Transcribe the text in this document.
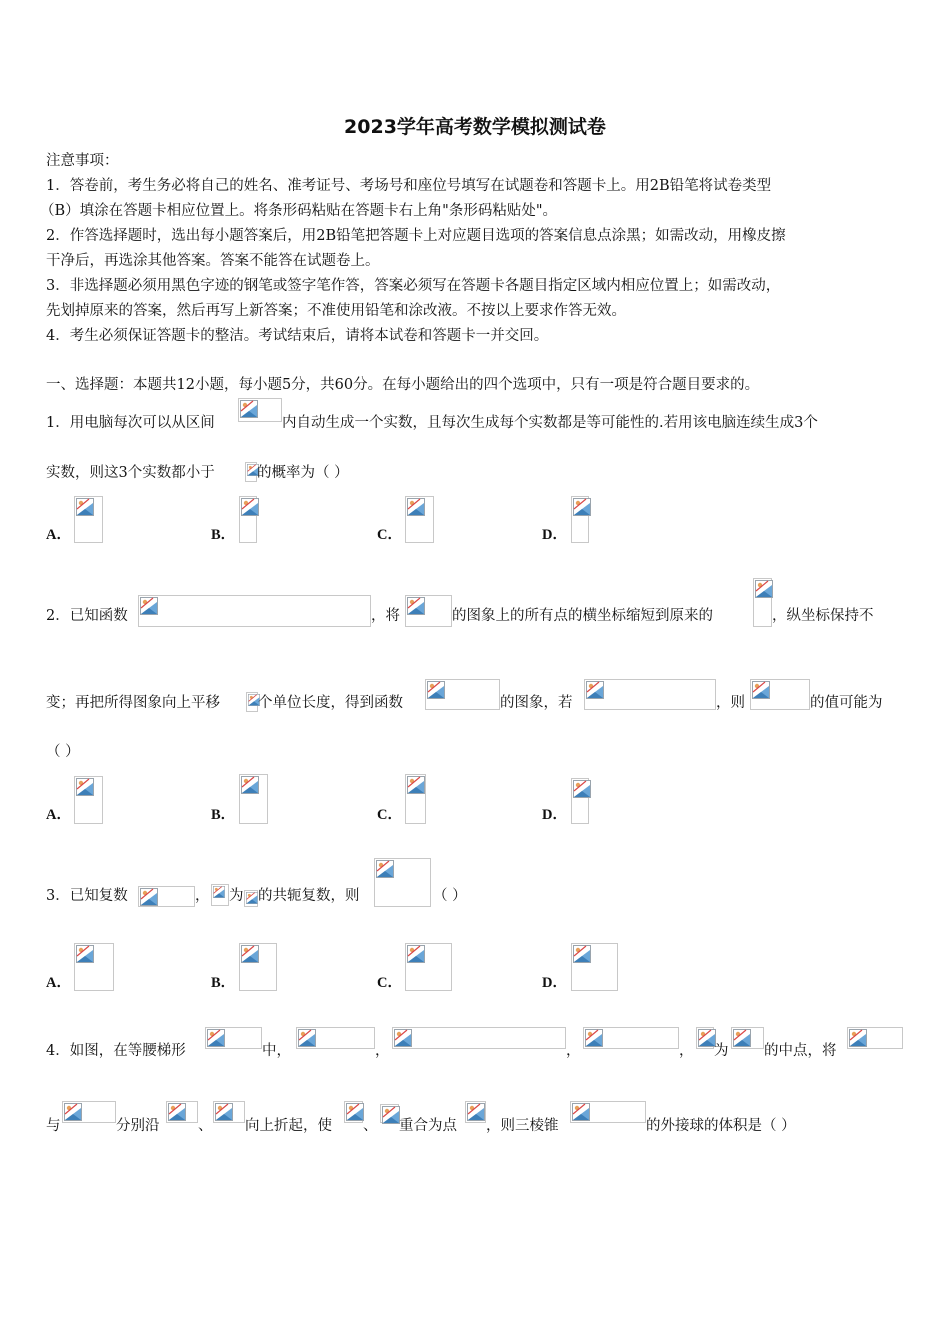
2023学年高考数学模拟测试卷
注意事项：
1．答卷前，考生务必将自己的姓名、准考证号、考场号和座位号填写在试题卷和答题卡上。用2B铅笔将试卷类型
（B）填涂在答题卡相应位置上。将条形码粘贴在答题卡右上角"条形码粘贴处"。
2．作答选择题时，选出每小题答案后，用2B铅笔把答题卡上对应题目选项的答案信息点涂黑；如需改动，用橡皮擦
干净后，再选涂其他答案。答案不能答在试题卷上。
3．非选择题必须用黑色字迹的钢笔或签字笔作答，答案必须写在答题卡各题目指定区域内相应位置上；如需改动，
先划掉原来的答案，然后再写上新答案；不准使用铅笔和涂改液。不按以上要求作答无效。
4．考生必须保证答题卡的整洁。考试结束后，请将本试卷和答题卡一并交回。
一、选择题：本题共12小题，每小题5分，共60分。在每小题给出的四个选项中，只有一项是符合题目要求的。
1．用电脑每次可以从区间	内自动生成一个实数，且每次生成每个实数都是等可能性的.若用该电脑连续生成3个
实数，则这3个实数都小于	的概率为（ ）
A．	B．	C．	D．
2．已知函数	，将	的图象上的所有点的横坐标缩短到原来的	，纵坐标保持不
变；再把所得图象向上平移	个单位长度，得到函数	的图象，若	，则	的值可能为
（ ）
A．	B．	C．	D．
3．已知复数	， 为 的共轭复数，则	（ ）
A．	B．	C．	D．
4．如图，在等腰梯形	中，	，	，	， 为 的中点，将
与	分别沿	、 向上折起，使 、 重合为点 ，则三棱锥	的外接球的体积是（ ）
